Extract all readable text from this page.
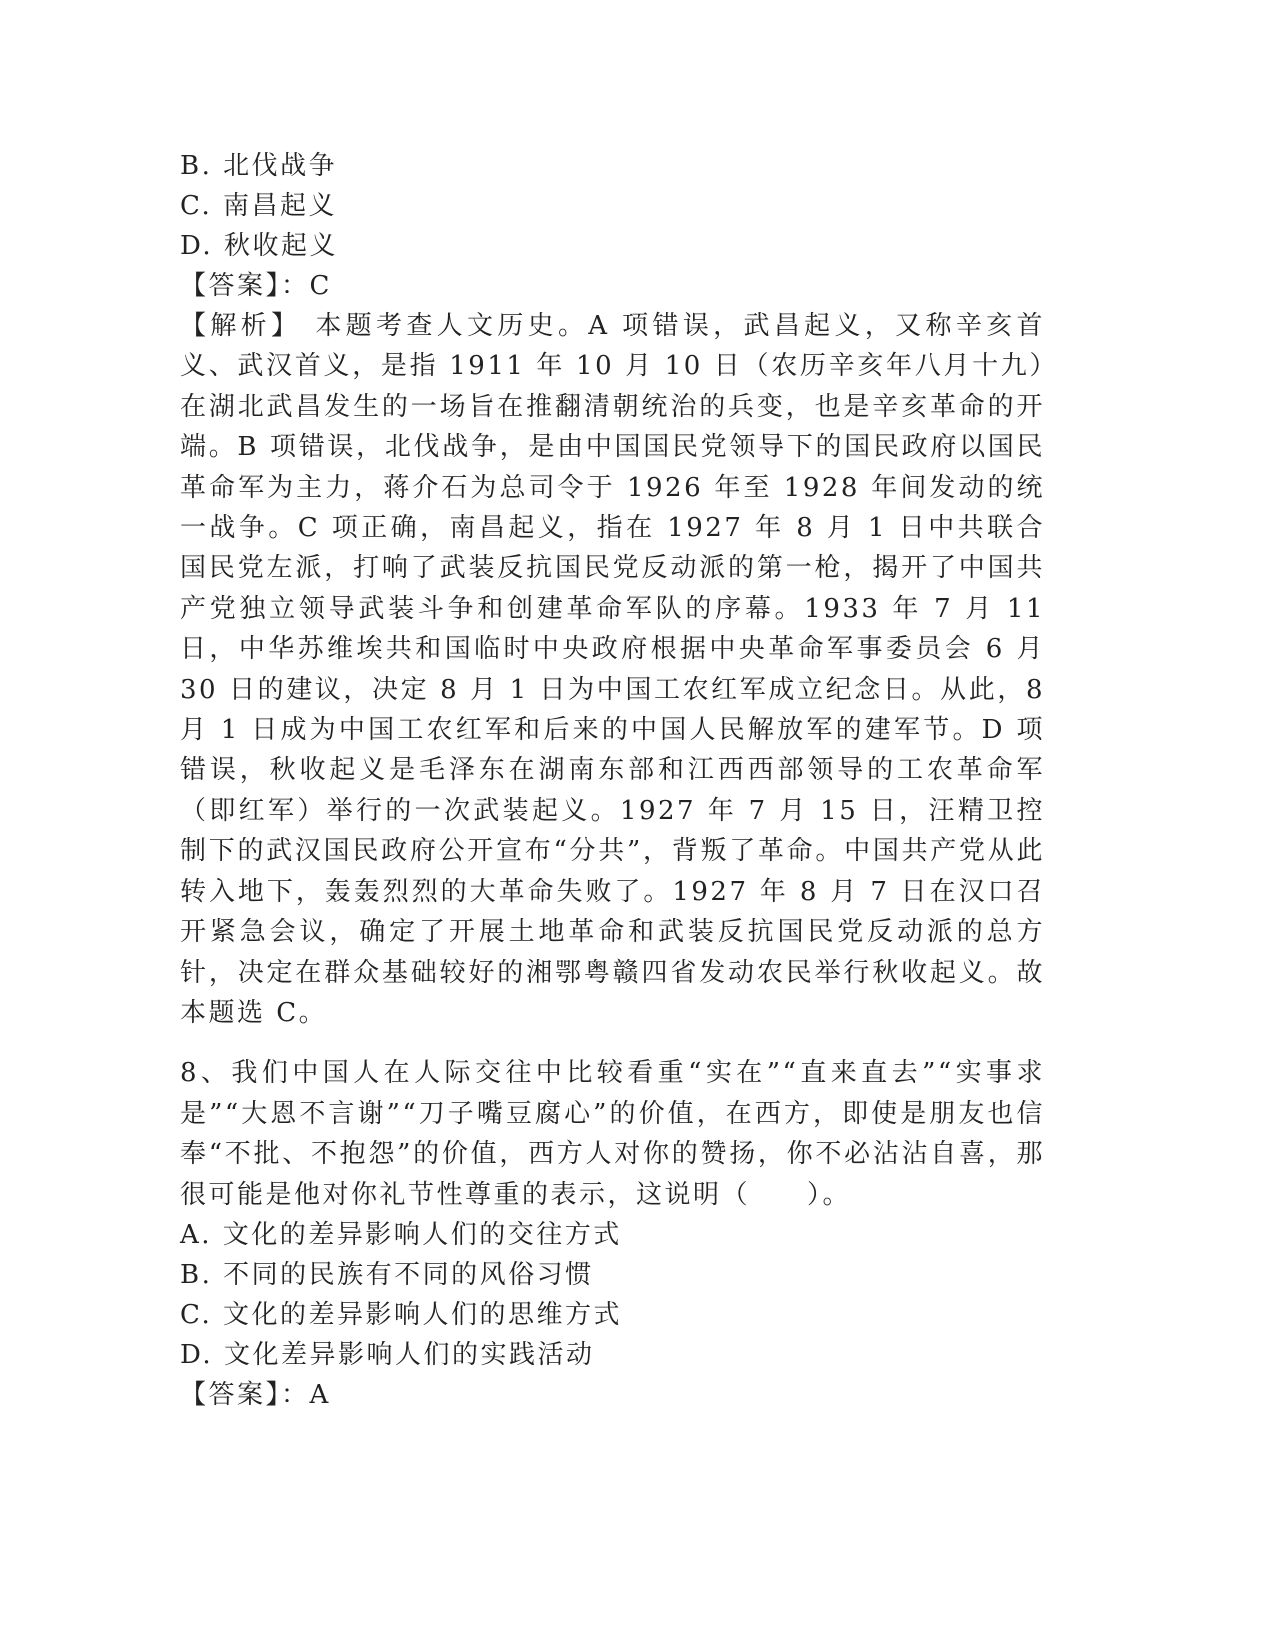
B. 北伐战争

C. 南昌起义

D. 秋收起义

【答案】：C

【解析】 本题考查人文历史。A 项错误，武昌起义，又称辛亥首义、武汉首义，是指 1911 年 10 月 10 日（农历辛亥年八月十九）在湖北武昌发生的一场旨在推翻清朝统治的兵变，也是辛亥革命的开端。B 项错误，北伐战争，是由中国国民党领导下的国民政府以国民革命军为主力，蒋介石为总司令于 1926 年至 1928 年间发动的统一战争。C 项正确，南昌起义，指在 1927 年 8 月 1 日中共联合国民党左派，打响了武装反抗国民党反动派的第一枪，揭开了中国共产党独立领导武装斗争和创建革命军队的序幕。1933 年 7 月 11 日，中华苏维埃共和国临时中央政府根据中央革命军事委员会 6 月 30 日的建议，决定 8 月 1 日为中国工农红军成立纪念日。从此，8 月 1 日成为中国工农红军和后来的中国人民解放军的建军节。D 项错误，秋收起义是毛泽东在湖南东部和江西西部领导的工农革命军（即红军）举行的一次武装起义。1927 年 7 月 15 日，汪精卫控制下的武汉国民政府公开宣布“分共”，背叛了革命。中国共产党从此转入地下，轰轰烈烈的大革命失败了。1927 年 8 月 7 日在汉口召开紧急会议，确定了开展土地革命和武装反抗国民党反动派的总方针，决定在群众基础较好的湘鄂粤赣四省发动农民举行秋收起义。故本题选 C。

8、我们中国人在人际交往中比较看重“实在”“直来直去”“实事求是”“大恩不言谢”“刀子嘴豆腐心”的价值，在西方，即使是朋友也信奉“不批、不抱怨”的价值，西方人对你的赞扬，你不必沾沾自喜，那很可能是他对你礼节性尊重的表示，这说明（　　）。

A. 文化的差异影响人们的交往方式

B. 不同的民族有不同的风俗习惯

C. 文化的差异影响人们的思维方式

D. 文化差异影响人们的实践活动

【答案】：A
